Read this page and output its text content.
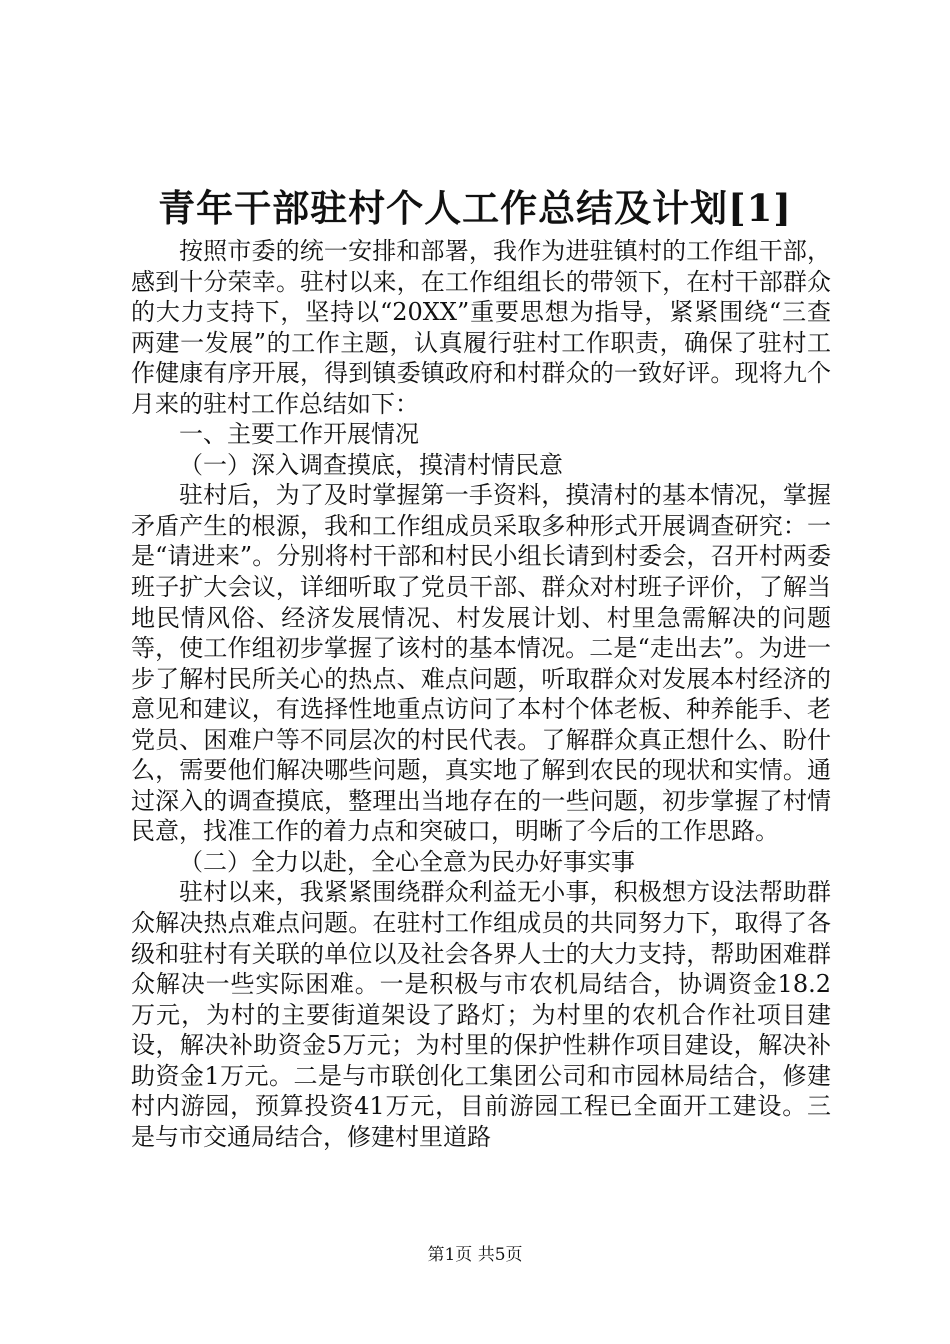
青年干部驻村个人工作总结及计划[1]

按照市委的统一安排和部署，我作为进驻镇村的工作组干部，感到十分荣幸。驻村以来，在工作组组长的带领下，在村干部群众的大力支持下，坚持以“20XX”重要思想为指导，紧紧围绕“三查两建一发展”的工作主题，认真履行驻村工作职责，确保了驻村工作健康有序开展，得到镇委镇政府和村群众的一致好评。现将九个月来的驻村工作总结如下：

一、主要工作开展情况

（一）深入调查摸底，摸清村情民意

驻村后，为了及时掌握第一手资料，摸清村的基本情况，掌握矛盾产生的根源，我和工作组成员采取多种形式开展调查研究：一是“请进来”。分别将村干部和村民小组长请到村委会，召开村两委班子扩大会议，详细听取了党员干部、群众对村班子评价，了解当地民情风俗、经济发展情况、村发展计划、村里急需解决的问题等，使工作组初步掌握了该村的基本情况。二是“走出去”。为进一步了解村民所关心的热点、难点问题，听取群众对发展本村经济的意见和建议，有选择性地重点访问了本村个体老板、种养能手、老党员、困难户等不同层次的村民代表。了解群众真正想什么、盼什么，需要他们解决哪些问题，真实地了解到农民的现状和实情。通过深入的调查摸底，整理出当地存在的一些问题，初步掌握了村情民意，找准工作的着力点和突破口，明晰了今后的工作思路。

（二）全力以赴，全心全意为民办好事实事

驻村以来，我紧紧围绕群众利益无小事，积极想方设法帮助群众解决热点难点问题。在驻村工作组成员的共同努力下，取得了各级和驻村有关联的单位以及社会各界人士的大力支持，帮助困难群众解决一些实际困难。一是积极与市农机局结合，协调资金18.2万元，为村的主要街道架设了路灯；为村里的农机合作社项目建设，解决补助资金5万元；为村里的保护性耕作项目建设，解决补助资金1万元。二是与市联创化工集团公司和市园林局结合，修建村内游园，预算投资41万元，目前游园工程已全面开工建设。三是与市交通局结合，修建村里道路

第1页 共5页
